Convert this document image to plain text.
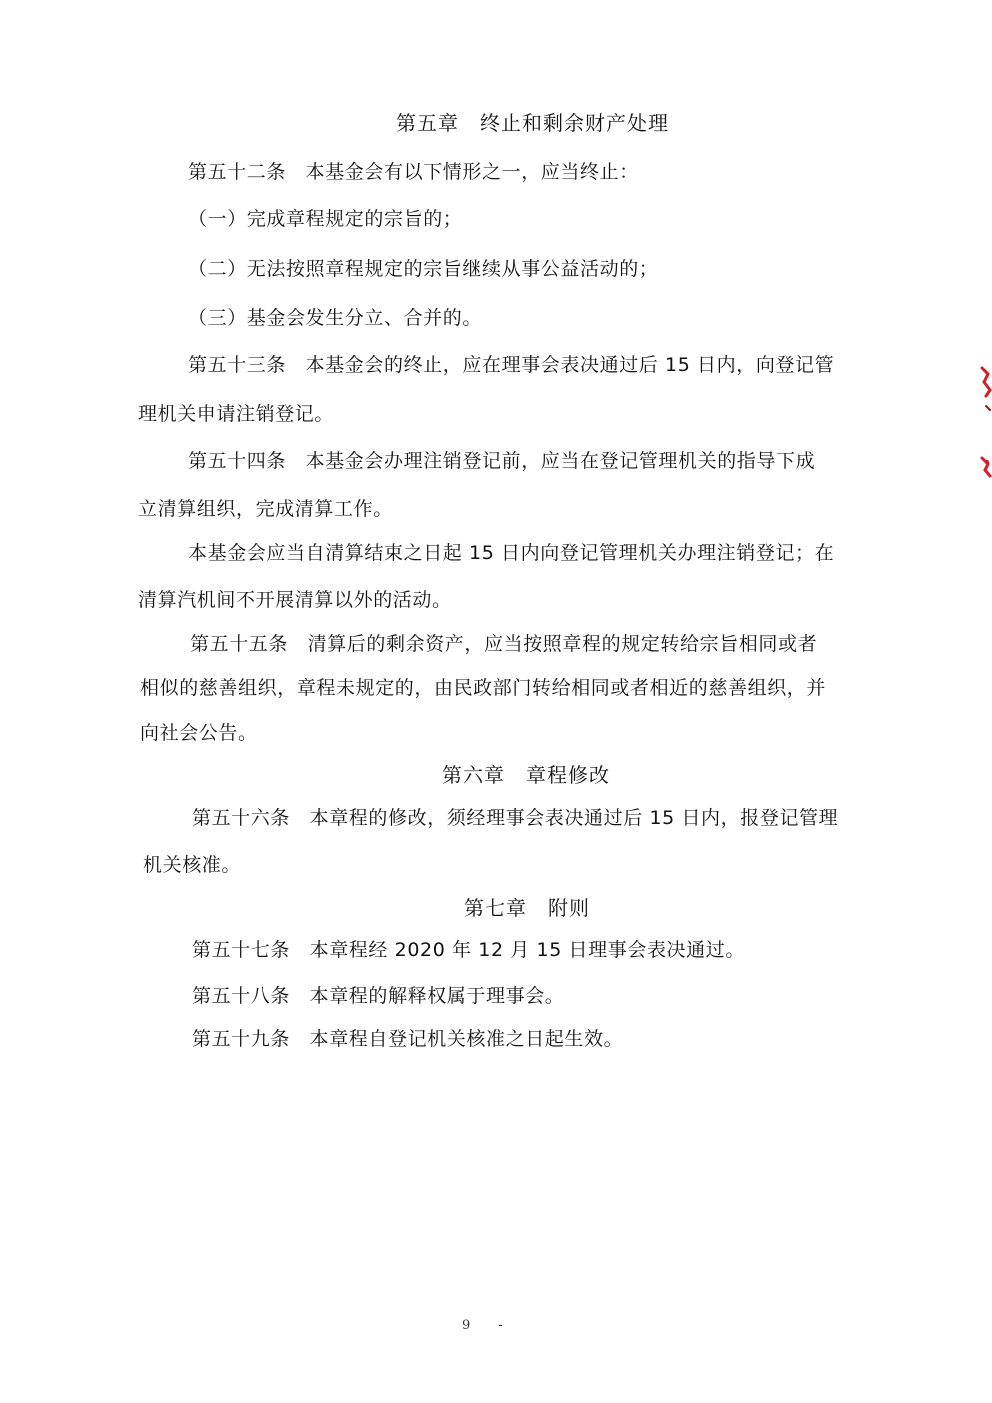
第五章　终止和剩余财产处理
第五十二条　本基金会有以下情形之一，应当终止：
（一）完成章程规定的宗旨的；
（二）无法按照章程规定的宗旨继续从事公益活动的；
（三）基金会发生分立、合并的。
第五十三条　本基金会的终止，应在理事会表决通过后 15 日内，向登记管
理机关申请注销登记。
第五十四条　本基金会办理注销登记前，应当在登记管理机关的指导下成
立清算组织，完成清算工作。
本基金会应当自清算结束之日起 15 日内向登记管理机关办理注销登记；在
清算汽机间不开展清算以外的活动。
第五十五条　清算后的剩余资产，应当按照章程的规定转给宗旨相同或者
相似的慈善组织，章程未规定的，由民政部门转给相同或者相近的慈善组织，并
向社会公告。
第六章　章程修改
第五十六条　本章程的修改，须经理事会表决通过后 15 日内，报登记管理
机关核准。
第七章　附则
第五十七条　本章程经 2020 年 12 月 15 日理事会表决通过。
第五十八条　本章程的解释权属于理事会。
第五十九条　本章程自登记机关核准之日起生效。
9 -
